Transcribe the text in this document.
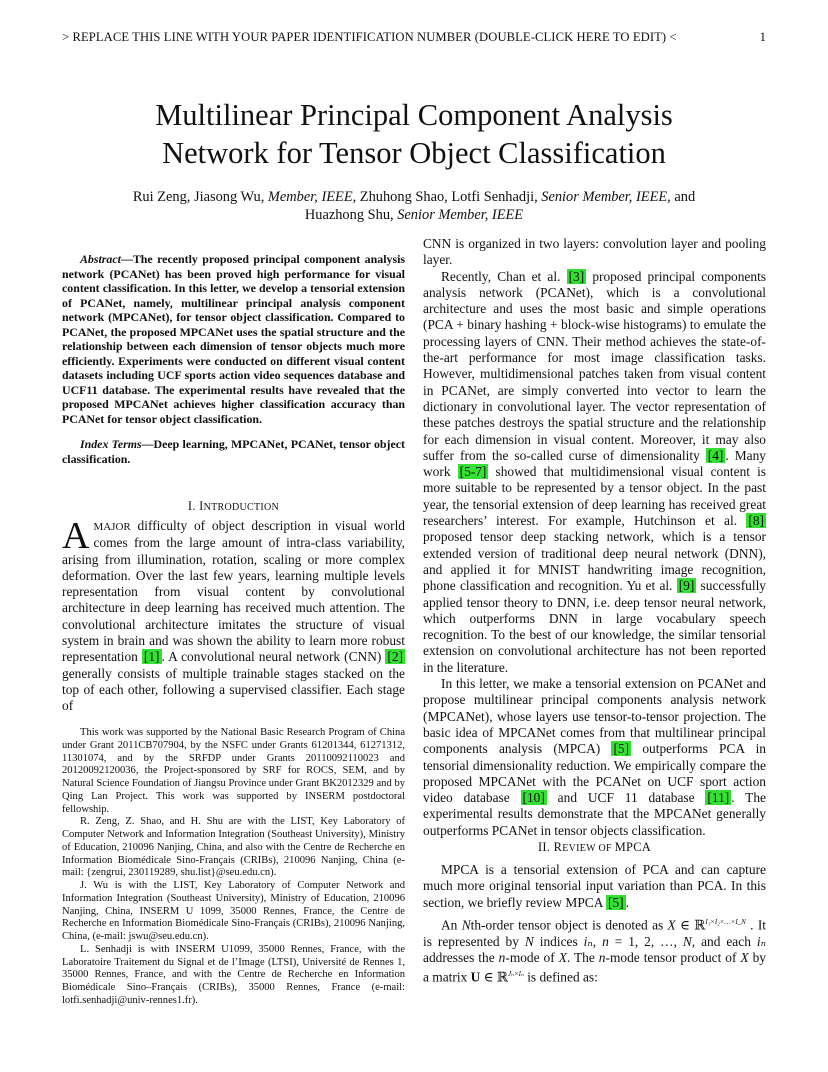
> REPLACE THIS LINE WITH YOUR PAPER IDENTIFICATION NUMBER (DOUBLE-CLICK HERE TO EDIT) <	1
Multilinear Principal Component Analysis
Network for Tensor Object Classification
Rui Zeng, Jiasong Wu, Member, IEEE, Zhuhong Shao, Lotfi Senhadji, Senior Member, IEEE, and
Huazhong Shu, Senior Member, IEEE

Abstract—The recently proposed principal component analysis network (PCANet) has been proved high performance for visual content classification. In this letter, we develop a tensorial extension of PCANet, namely, multilinear principal analysis component network (MPCANet), for tensor object classification. Compared to PCANet, the proposed MPCANet uses the spatial structure and the relationship between each dimension of tensor objects much more efficiently. Experiments were conducted on different visual content datasets including UCF sports action video sequences database and UCF11 database. The experimental results have revealed that the proposed MPCANet achieves higher classification accuracy than PCANet for tensor object classification.

Index Terms—Deep learning, MPCANet, PCANet, tensor object classification.

I. INTRODUCTION

AMAJOR difficulty of object description in visual world comes from the large amount of intra-class variability, arising from illumination, rotation, scaling or more complex deformation. Over the last few years, learning multiple levels representation from visual content by convolutional architecture in deep learning has received much attention. The convolutional architecture imitates the structure of visual system in brain and was shown the ability to learn more robust representation [1] . A convolutional neural network (CNN) [2] generally consists of multiple trainable stages stacked on the top of each other, following a supervised classifier. Each stage of

This work was supported by the National Basic Research Program of China under Grant 2011CB707904, by the NSFC under Grants 61201344, 61271312, 11301074, and by the SRFDP under Grants 20110092110023 and 20120092120036, the Project-sponsored by SRF for ROCS, SEM, and by Natural Science Foundation of Jiangsu Province under Grant BK2012329 and by Qing Lan Project. This work was supported by INSERM postdoctoral fellowship.

R. Zeng, Z. Shao, and H. Shu are with the LIST, Key Laboratory of Computer Network and Information Integration (Southeast University), Ministry of Education, 210096 Nanjing, China, and also with the Centre de Recherche en Information Biomédicale Sino-Français (CRIBs), 210096 Nanjing, China (e-mail: {zengrui, 230119289, shu.list}@seu.edu.cn).

J. Wu is with the LIST, Key Laboratory of Computer Network and Information Integration (Southeast University), Ministry of Education, 210096 Nanjing, China, INSERM U 1099, 35000 Rennes, France, the Centre de Recherche en Information Biomédicale Sino-Français (CRIBs), 210096 Nanjing, China, (e-mail: jswu@seu.edu.cn).

L. Senhadji is with INSERM U1099, 35000 Rennes, France, with the Laboratoire Traitement du Signal et de l’Image (LTSI), Université de Rennes 1, 35000 Rennes, France, and with the Centre de Recherche en Information Biomédicale Sino–Français (CRIBs), 35000 Rennes, France (e-mail: lotfi.senhadji@univ-rennes1.fr).

CNN is organized in two layers: convolution layer and pooling layer.

Recently, Chan et al. [3] proposed principal components analysis network (PCANet), which is a convolutional architecture and uses the most basic and simple operations (PCA + binary hashing + block-wise histograms) to emulate the processing layers of CNN. Their method achieves the state-of-the-art performance for most image classification tasks. However, multidimensional patches taken from visual content in PCANet, are simply converted into vector to learn the dictionary in convolutional layer. The vector representation of these patches destroys the spatial structure and the relationship for each dimension in visual content. Moreover, it may also suffer from the so-called curse of dimensionality [4] . Many work [5-7] showed that multidimensional visual content is more suitable to be represented by a tensor object. In the past year, the tensorial extension of deep learning has received great researchers’ interest. For example, Hutchinson et al. [8] proposed tensor deep stacking network, which is a tensor extended version of traditional deep neural network (DNN), and applied it for MNIST handwriting image recognition, phone classification and recognition. Yu et al. [9] successfully applied tensor theory to DNN, i.e. deep tensor neural network, which outperforms DNN in large vocabulary speech recognition. To the best of our knowledge, the similar tensorial extension on convolutional architecture has not been reported in the literature.

In this letter, we make a tensorial extension on PCANet and propose multilinear principal components analysis network (MPCANet), whose layers use tensor-to-tensor projection. The basic idea of MPCANet comes from that multilinear principal components analysis (MPCA) [5] outperforms PCA in tensorial dimensionality reduction. We empirically compare the proposed MPCANet with the PCANet on UCF sport action video database [10] and UCF 11 database [11] . The experimental results demonstrate that the MPCANet generally outperforms PCANet in tensor objects classification.

II. REVIEW OF MPCA

MPCA is a tensorial extension of PCA and can capture much more original tensorial input variation than PCA. In this section, we briefly review MPCA [5] .

An Nth-order tensor object is denoted as X ∈ ℝ$^{I_1\times I_2\times\dots\times I\_N}$ . It is represented by N indices iₙ, n = 1, 2, …, N, and each iₙ addresses the n-mode of X. The n-mode tensor product of X by a matrix U ∈ ℝ$^{J_n\times I_n}$ is defined as:
